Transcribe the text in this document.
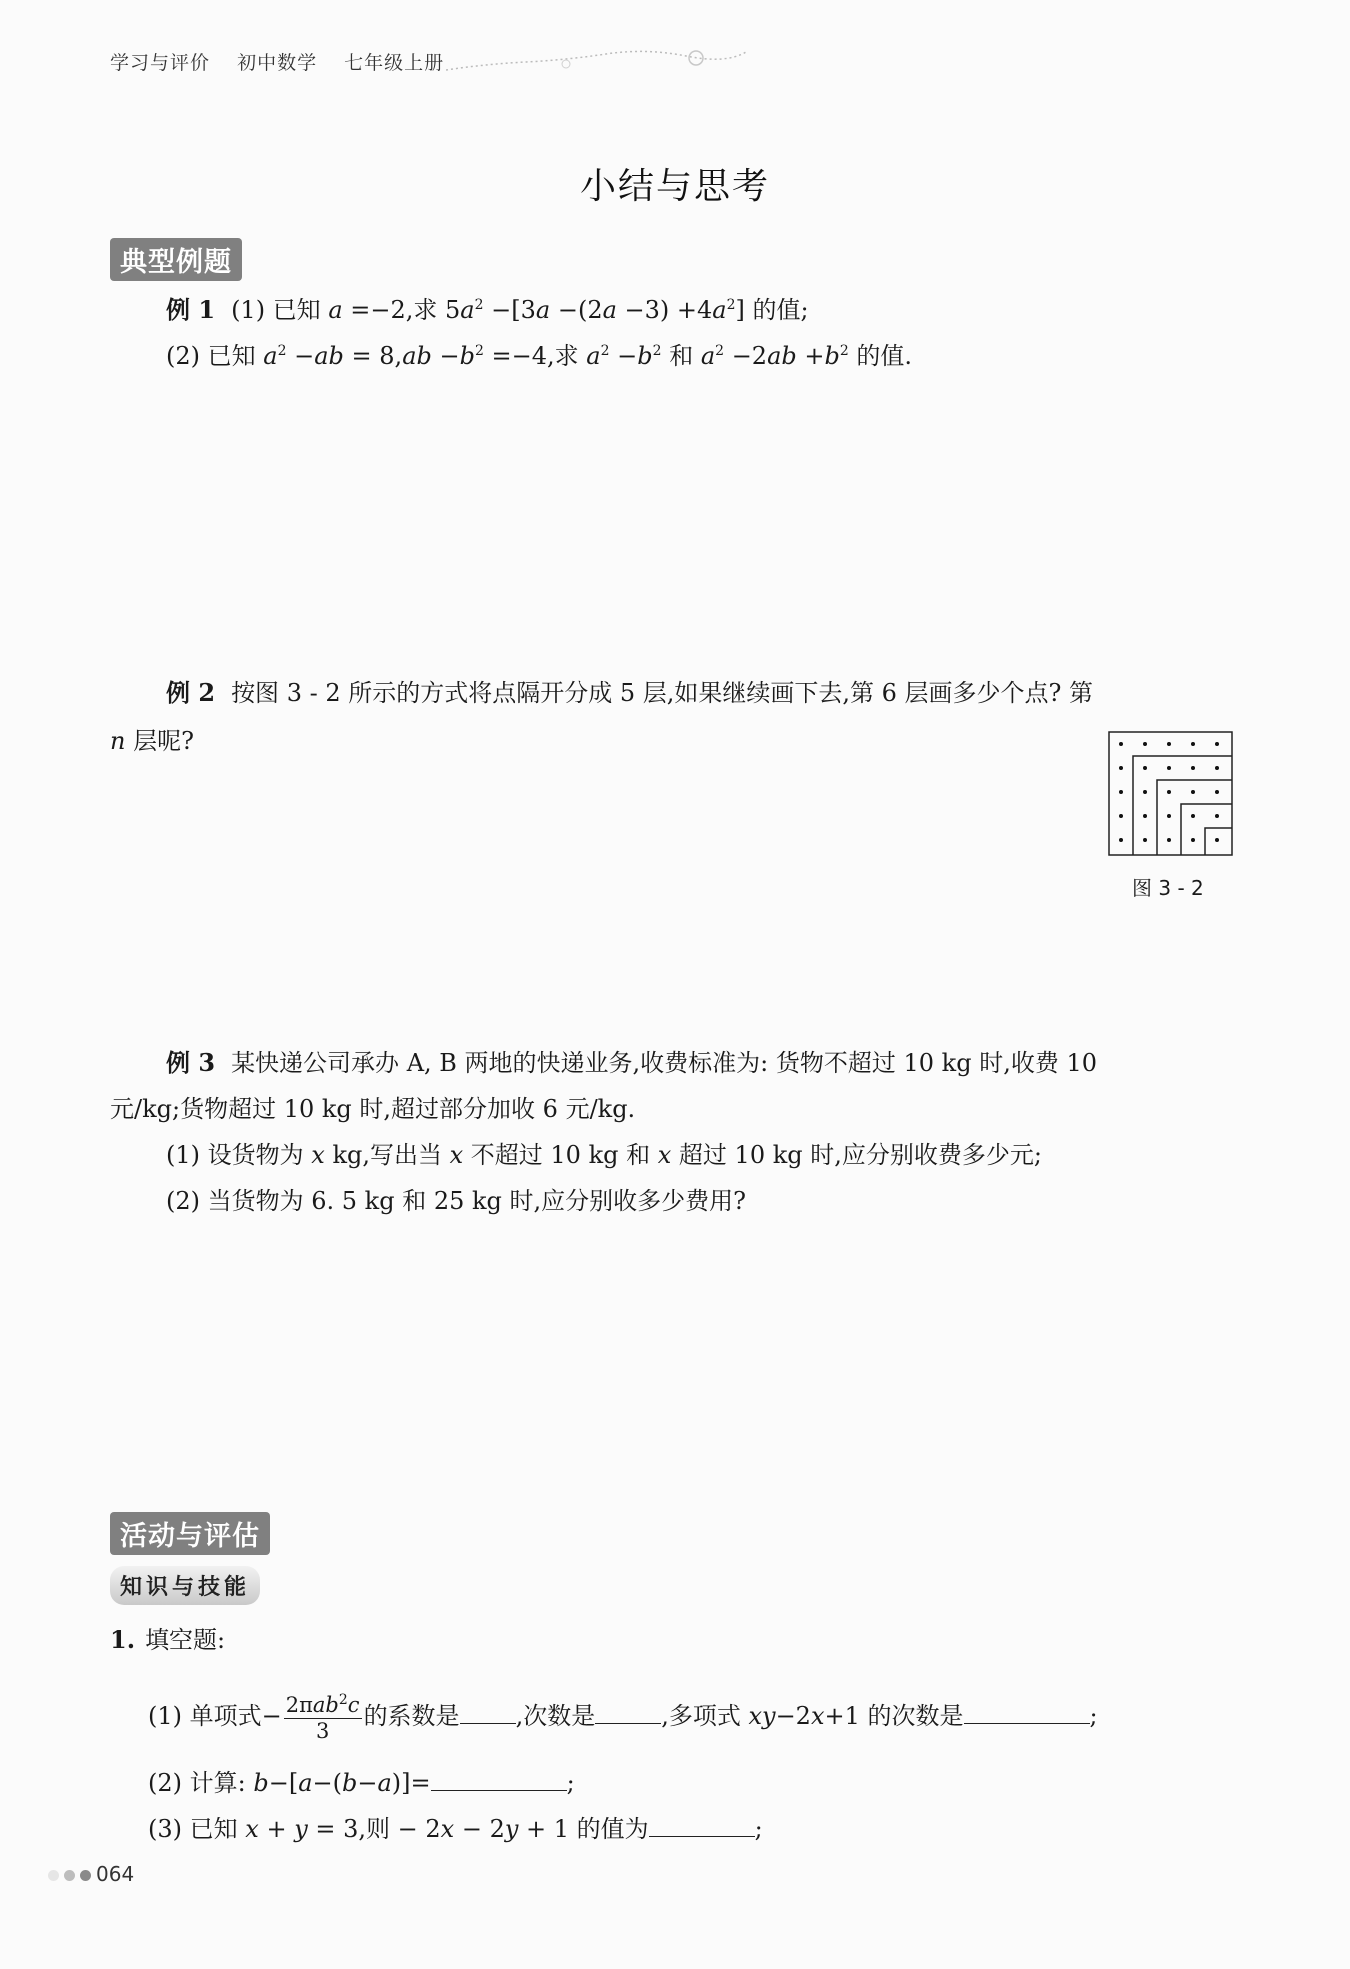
学习与评价 初中数学 七年级上册
小结与思考
典型例题
例 1 (1) 已知 a =−2,求 $5a^2 -[3a -(2a -3) +4a^2]$ 的值;
(2) 已知 $a^2 -ab = 8,ab -b^2 =-4$,求 $a^2 -b^2$ 和 $a^2 -2ab +b^2$ 的值.
例 2 按图 3 - 2 所示的方式将点隔开分成 5 层,如果继续画下去,第 6 层画多少个点? 第
n 层呢?
图 3 - 2
例 3 某快递公司承办 A, B 两地的快递业务,收费标准为: 货物不超过 10 kg 时,收费 10
元/kg;货物超过 10 kg 时,超过部分加收 6 元/kg.
(1) 设货物为 x kg,写出当 x 不超过 10 kg 和 x 超过 10 kg 时,应分别收费多少元;
(2) 当货物为 6. 5 kg 和 25 kg 时,应分别收多少费用?
活动与评估
知识与技能
1. 填空题:
(1) 单项式− $\frac{2\pi ab^2c}{3}$ 的系数是 ,次数是	,多项式 xy−2x+1 的次数是	;
(2) 计算: b−[a−(b−a)]=	;
(3) 已知 x + y = 3,则 − 2x − 2y + 1 的值为	;
064
